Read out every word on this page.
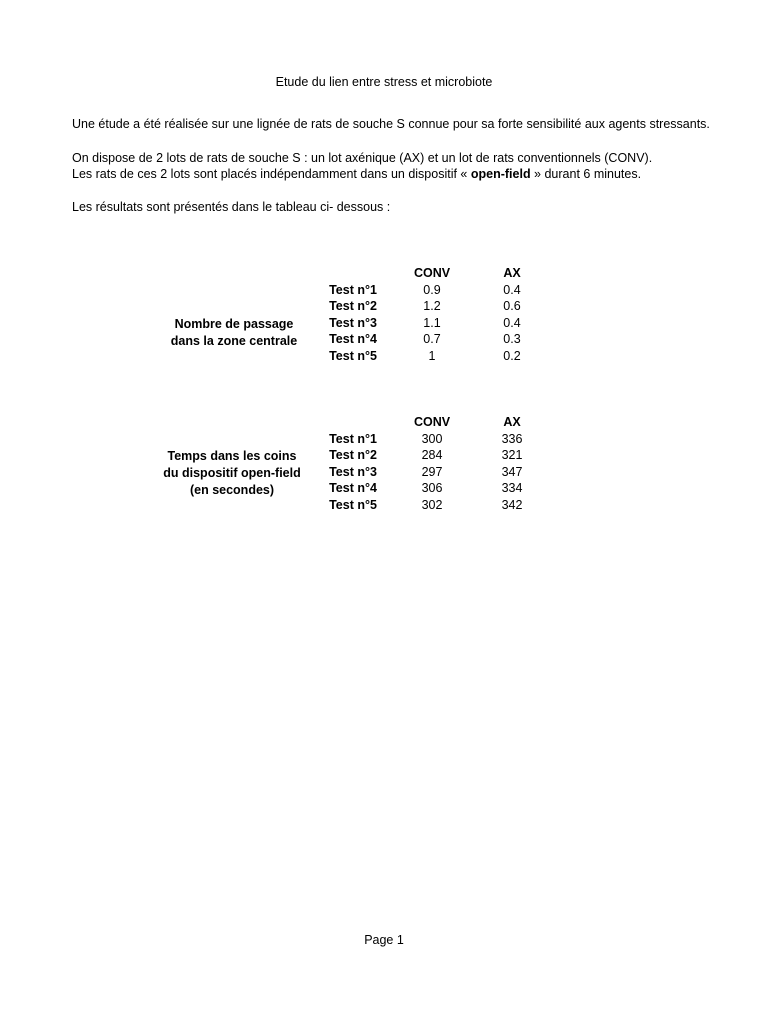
Etude du lien entre stress et microbiote
Une étude a été réalisée sur une lignée de rats de souche S connue pour sa forte sensibilité aux agents stressants.
On dispose de 2 lots de rats de souche S : un lot axénique (AX) et un lot de rats conventionnels (CONV).
Les rats de ces 2 lots sont placés indépendamment dans un dispositif « open-field » durant 6 minutes.
Les résultats sont présentés dans le tableau ci- dessous :
CONV	AX
Nombre de passage
dans la zone centrale
Test n°1	0.9	0.4
Test n°2	1.2	0.6
Test n°3	1.1	0.4
Test n°4	0.7	0.3
Test n°5	1	0.2
CONV	AX
Temps dans les coins
du dispositif open-field
(en secondes)
Test n°1	300	336
Test n°2	284	321
Test n°3	297	347
Test n°4	306	334
Test n°5	302	342
Page 1
